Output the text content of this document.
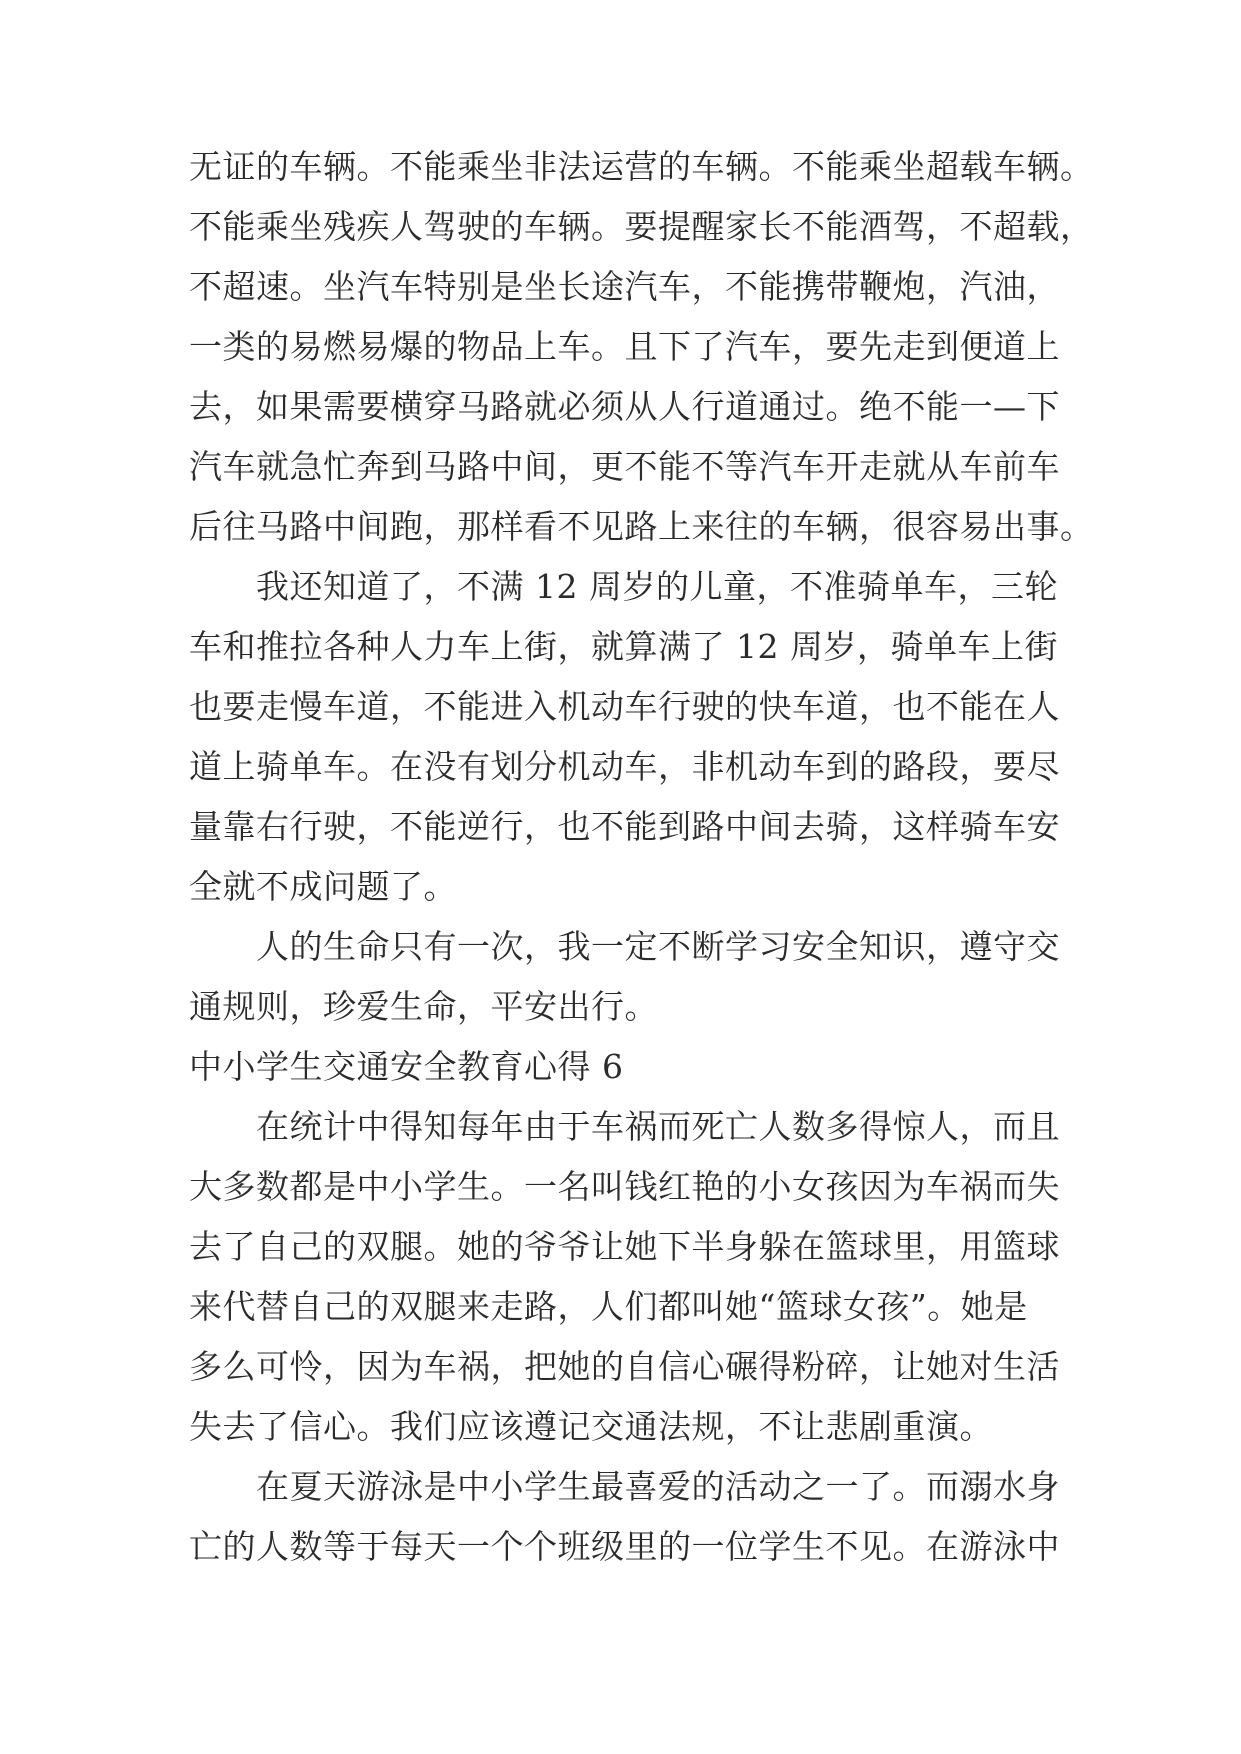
无证的车辆。不能乘坐非法运营的车辆。不能乘坐超载车辆。
不能乘坐残疾人驾驶的车辆。要提醒家长不能酒驾，不超载，
不超速。坐汽车特别是坐长途汽车，不能携带鞭炮，汽油，
一类的易燃易爆的物品上车。且下了汽车，要先走到便道上
去，如果需要横穿马路就必须从人行道通过。绝不能一—下
汽车就急忙奔到马路中间，更不能不等汽车开走就从车前车
后往马路中间跑，那样看不见路上来往的车辆，很容易出事。
我还知道了，不满 12 周岁的儿童，不准骑单车，三轮
车和推拉各种人力车上街，就算满了 12 周岁，骑单车上街
也要走慢车道，不能进入机动车行驶的快车道，也不能在人
道上骑单车。在没有划分机动车，非机动车到的路段，要尽
量靠右行驶，不能逆行，也不能到路中间去骑，这样骑车安
全就不成问题了。
人的生命只有一次，我一定不断学习安全知识，遵守交
通规则，珍爱生命，平安出行。
中小学生交通安全教育心得 6
在统计中得知每年由于车祸而死亡人数多得惊人，而且
大多数都是中小学生。一名叫钱红艳的小女孩因为车祸而失
去了自己的双腿。她的爷爷让她下半身躲在篮球里，用篮球
来代替自己的双腿来走路，人们都叫她“篮球女孩”。她是
多么可怜，因为车祸，把她的自信心碾得粉碎，让她对生活
失去了信心。我们应该遵记交通法规，不让悲剧重演。
在夏天游泳是中小学生最喜爱的活动之一了。而溺水身
亡的人数等于每天一个个班级里的一位学生不见。在游泳中
